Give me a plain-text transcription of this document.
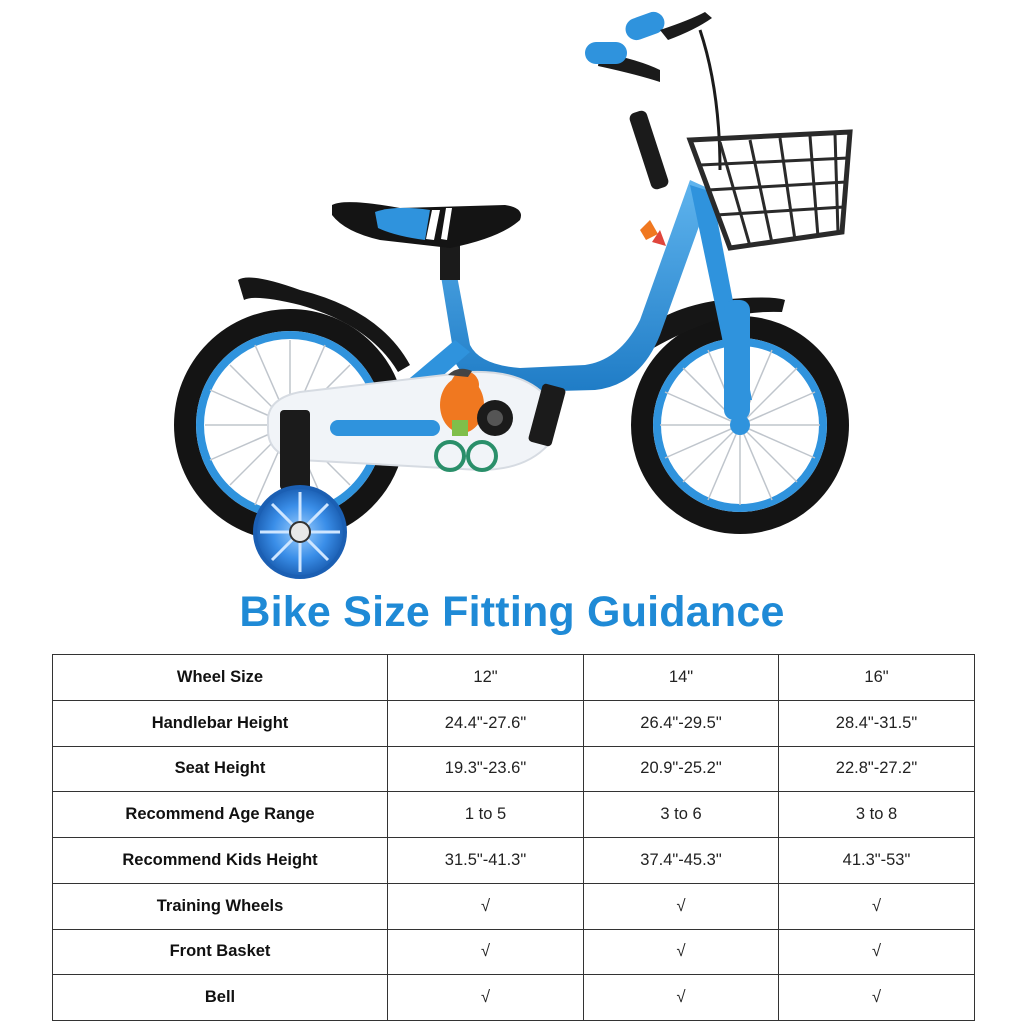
Bike Size Fitting Guidance
Wheel Size	12"	14"	16"
Handlebar Height	24.4"-27.6"	26.4"-29.5"	28.4"-31.5"
Seat Height	19.3"-23.6"	20.9"-25.2"	22.8"-27.2"
Recommend Age Range	1 to 5	3 to 6	3 to 8
Recommend Kids Height	31.5"-41.3"	37.4"-45.3"	41.3"-53"
Training Wheels	√	√	√
Front Basket	√	√	√
Bell	√	√	√
